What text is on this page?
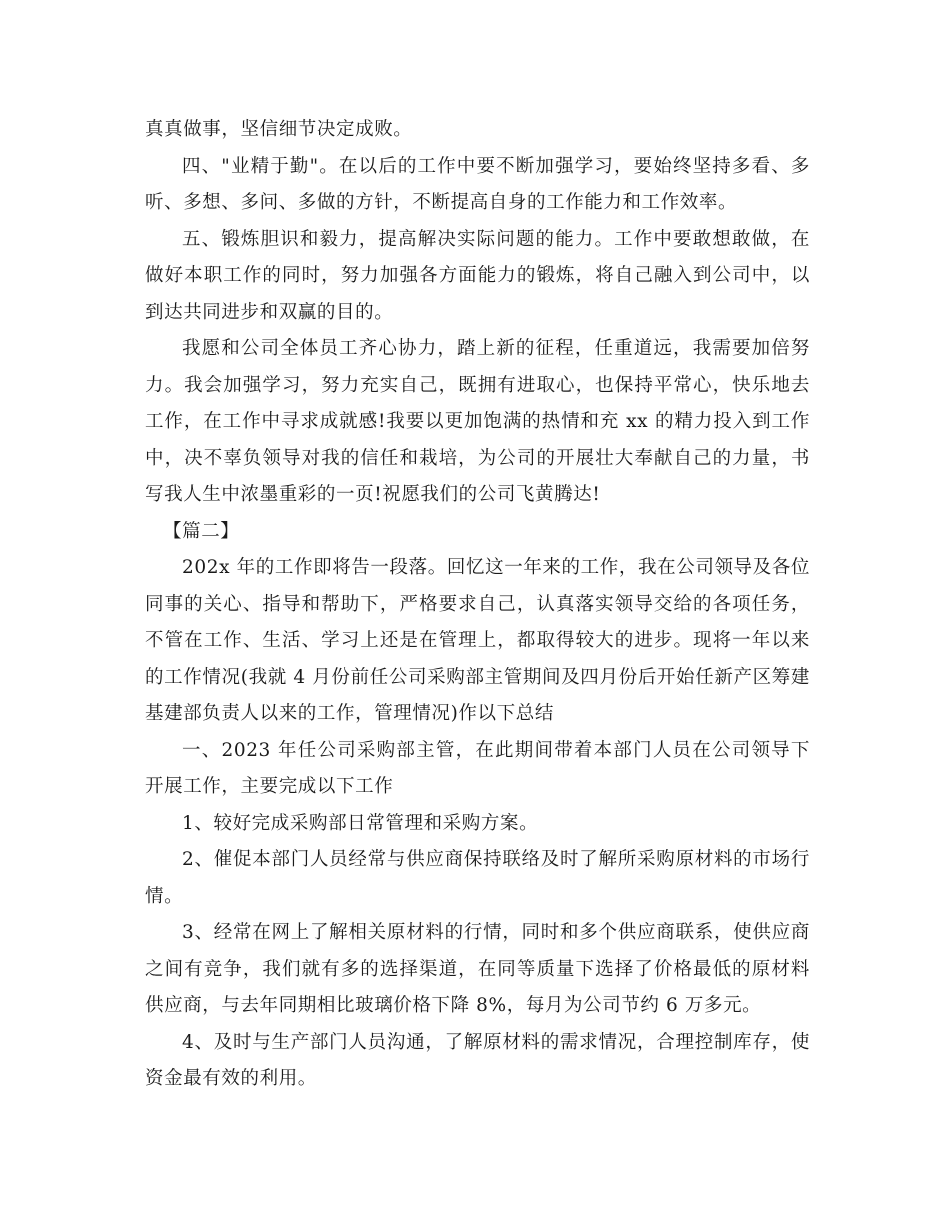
真真做事，坚信细节决定成败。

四、"业精于勤"。在以后的工作中要不断加强学习，要始终坚持多看、多听、多想、多问、多做的方针，不断提高自身的工作能力和工作效率。

五、锻炼胆识和毅力，提高解决实际问题的能力。工作中要敢想敢做，在做好本职工作的同时，努力加强各方面能力的锻炼，将自己融入到公司中，以到达共同进步和双赢的目的。

我愿和公司全体员工齐心协力，踏上新的征程，任重道远，我需要加倍努力。我会加强学习，努力充实自己，既拥有进取心，也保持平常心，快乐地去工作，在工作中寻求成就感!我要以更加饱满的热情和充 xx 的精力投入到工作中，决不辜负领导对我的信任和栽培，为公司的开展壮大奉献自己的力量，书写我人生中浓墨重彩的一页!祝愿我们的公司飞黄腾达!

【篇二】

202x 年的工作即将告一段落。回忆这一年来的工作，我在公司领导及各位同事的关心、指导和帮助下，严格要求自己，认真落实领导交给的各项任务，不管在工作、生活、学习上还是在管理上，都取得较大的进步。现将一年以来的工作情况(我就 4 月份前任公司采购部主管期间及四月份后开始任新产区筹建基建部负责人以来的工作，管理情况)作以下总结

一、2023 年任公司采购部主管，在此期间带着本部门人员在公司领导下开展工作，主要完成以下工作

1、较好完成采购部日常管理和采购方案。

2、催促本部门人员经常与供应商保持联络及时了解所采购原材料的市场行情。

3、经常在网上了解相关原材料的行情，同时和多个供应商联系，使供应商之间有竞争，我们就有多的选择渠道，在同等质量下选择了价格最低的原材料供应商，与去年同期相比玻璃价格下降 8%，每月为公司节约 6 万多元。

4、及时与生产部门人员沟通，了解原材料的需求情况，合理控制库存，使资金最有效的利用。
